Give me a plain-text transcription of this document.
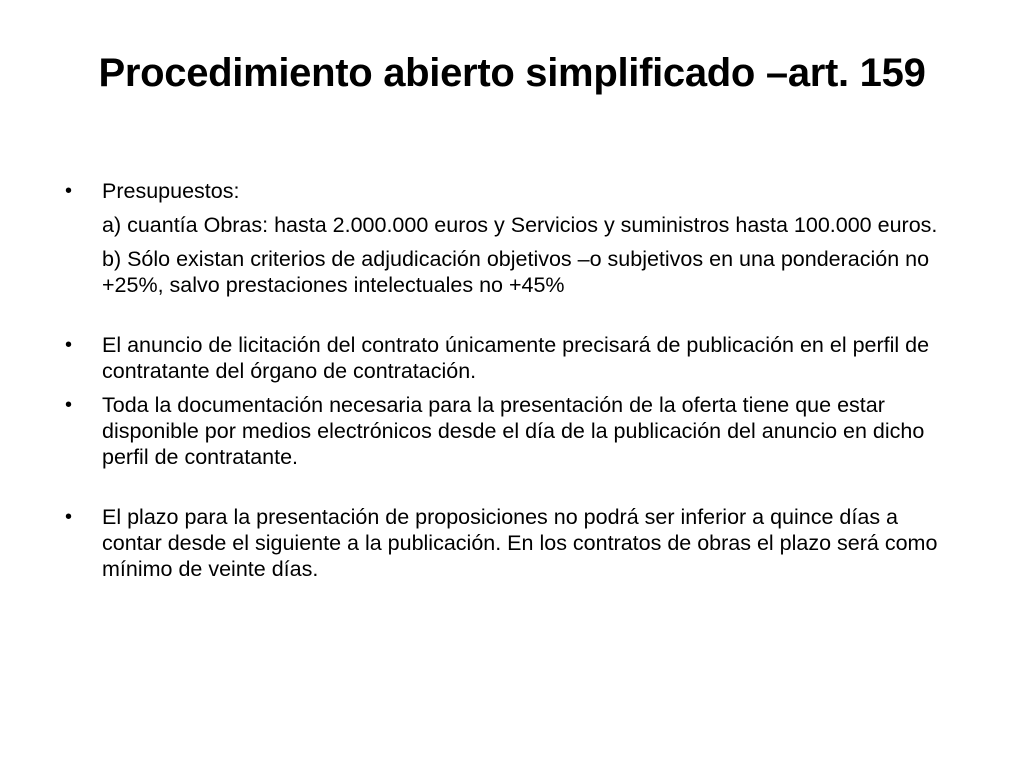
Procedimiento abierto simplificado –art. 159
• Presupuestos:
a) cuantía Obras: hasta 2.000.000 euros y Servicios y suministros hasta 100.000 euros.
b) Sólo existan criterios de adjudicación objetivos –o subjetivos en una ponderación no +25%, salvo prestaciones intelectuales no +45%
• El anuncio de licitación del contrato únicamente precisará de publicación en el perfil de contratante del órgano de contratación.
• Toda la documentación necesaria para la presentación de la oferta tiene que estar disponible por medios electrónicos desde el día de la publicación del anuncio en dicho perfil de contratante.
• El plazo para la presentación de proposiciones no podrá ser inferior a quince días a contar desde el siguiente a la publicación. En los contratos de obras el plazo será como mínimo de veinte días.
